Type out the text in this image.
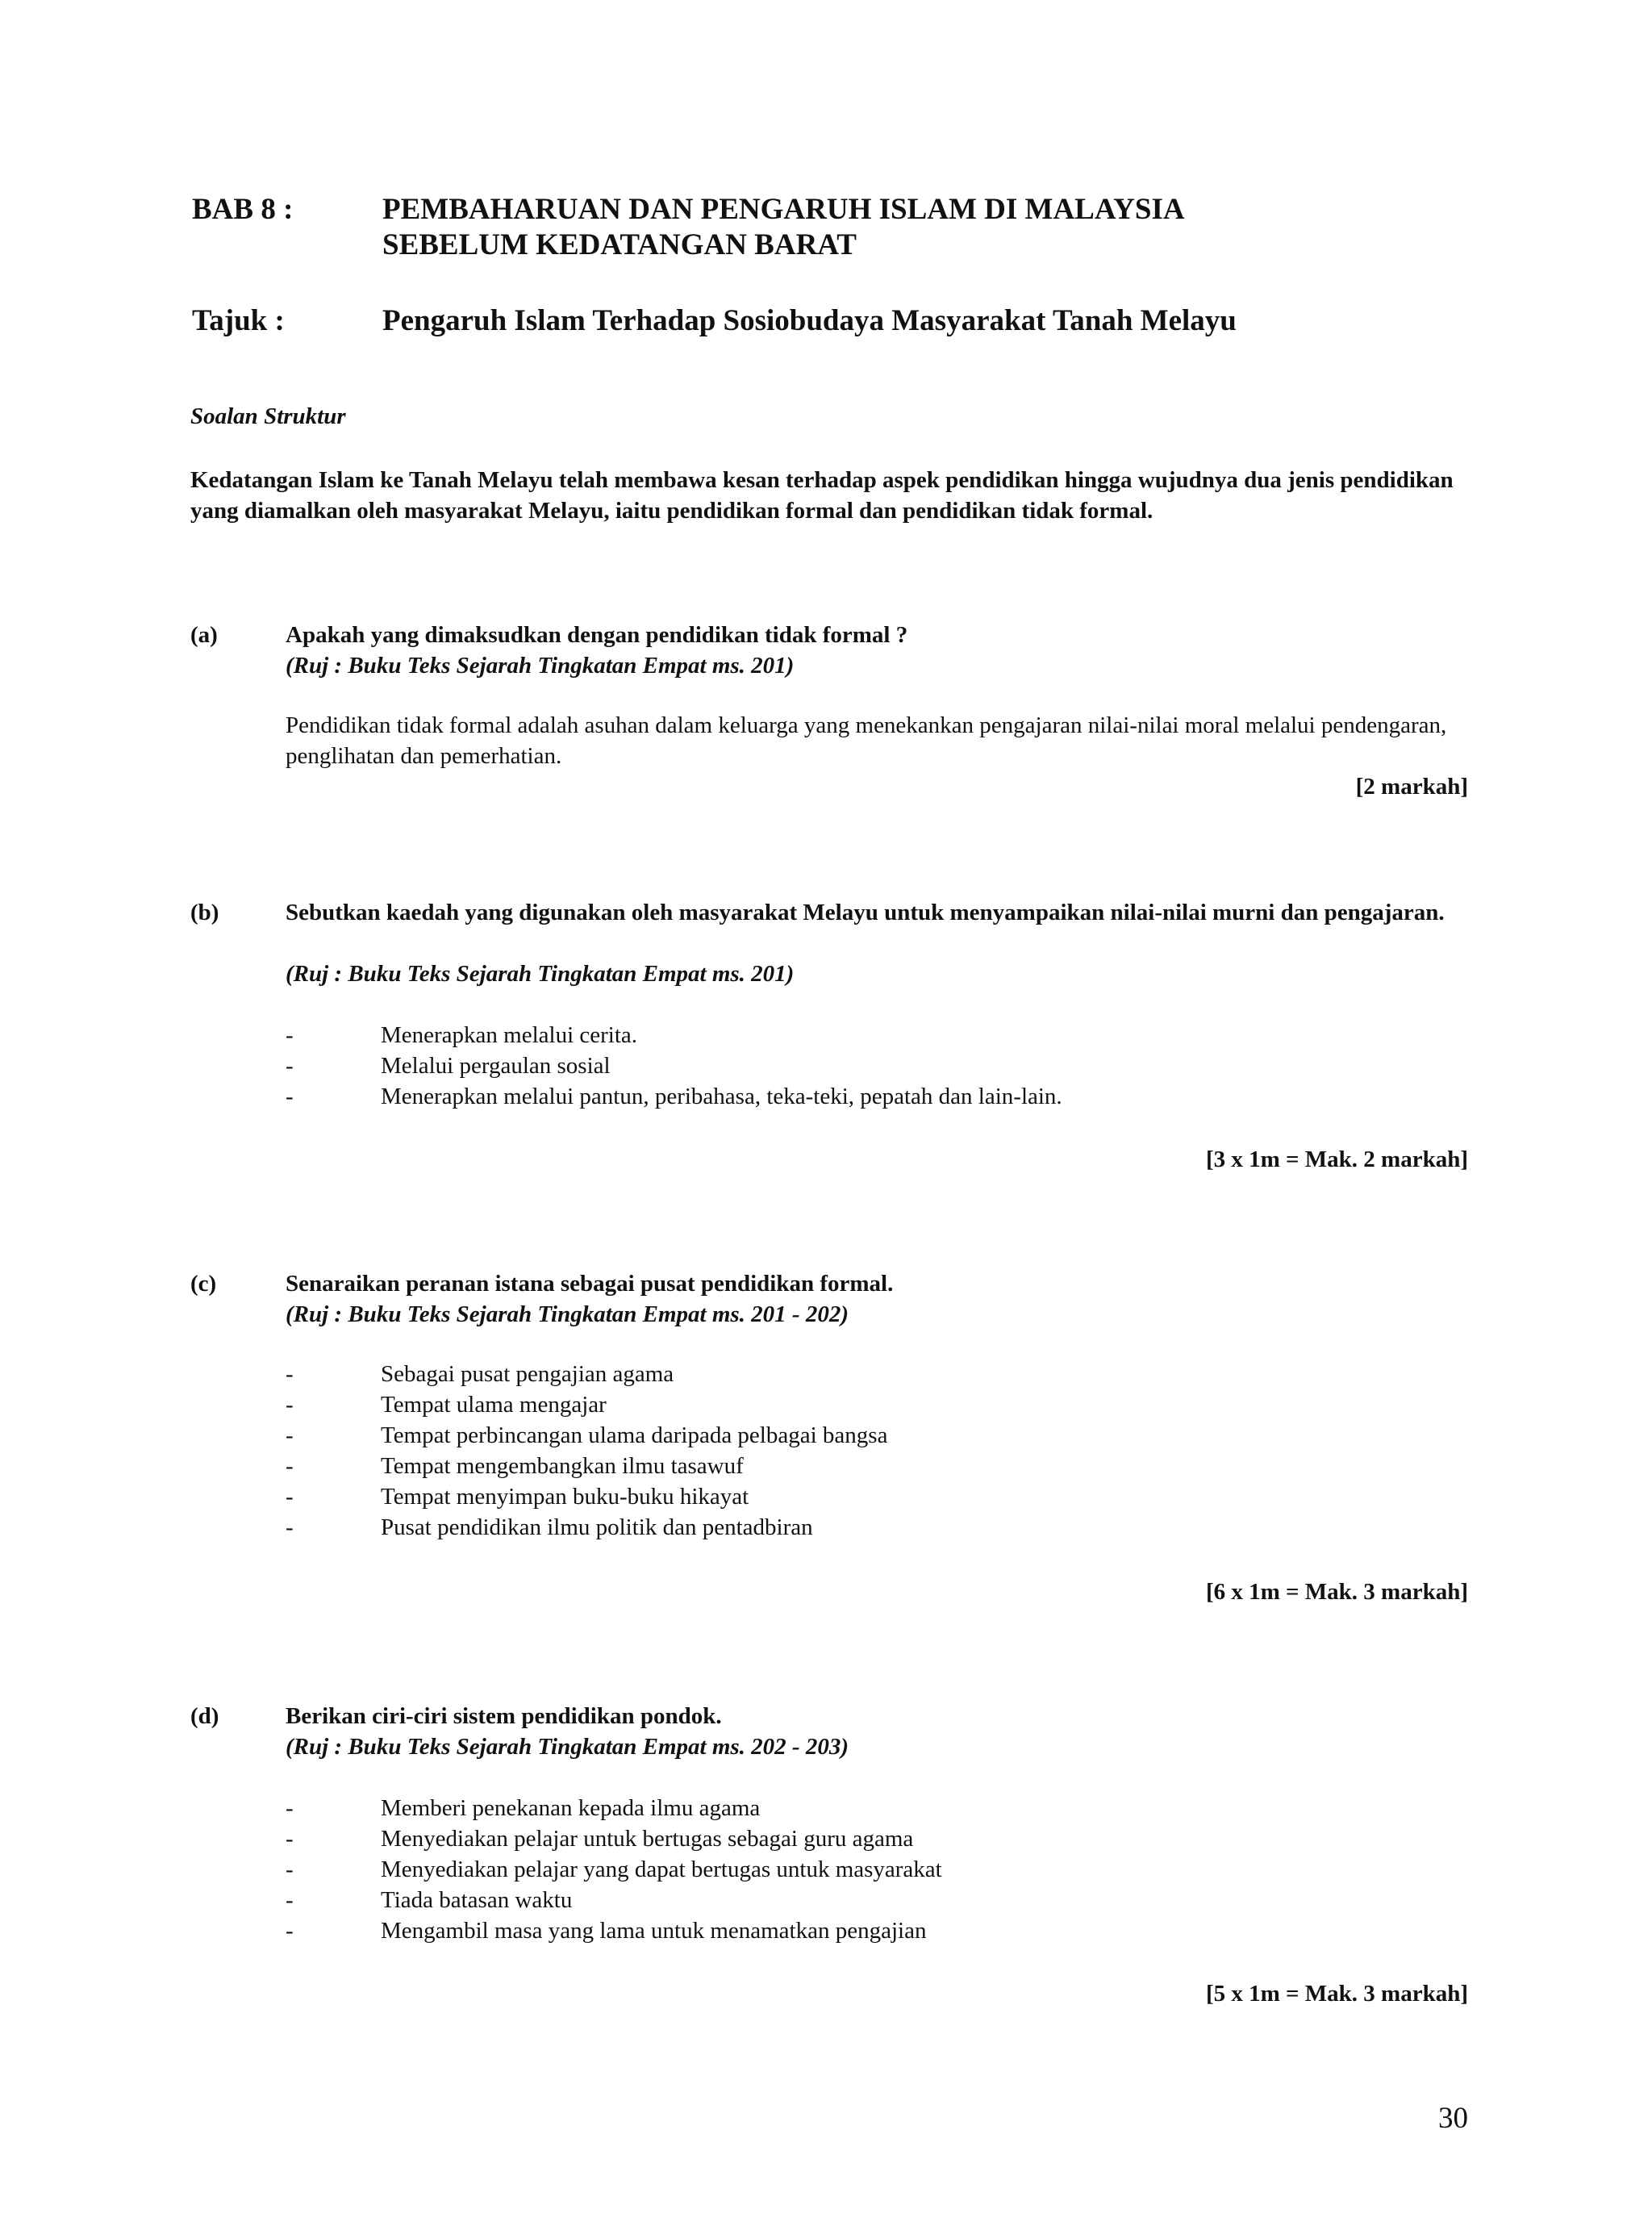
BAB 8 :	PEMBAHARUAN DAN PENGARUH ISLAM DI MALAYSIA
SEBELUM KEDATANGAN BARAT
Tajuk :	Pengaruh Islam Terhadap Sosiobudaya Masyarakat Tanah Melayu
Soalan Struktur
Kedatangan Islam ke Tanah Melayu telah membawa kesan terhadap aspek pendidikan hingga wujudnya dua jenis pendidikan yang diamalkan oleh masyarakat Melayu, iaitu pendidikan formal dan pendidikan tidak formal.
(a)	Apakah yang dimaksudkan dengan pendidikan tidak formal ?
(Ruj : Buku Teks Sejarah Tingkatan Empat ms. 201)
Pendidikan tidak formal adalah asuhan dalam keluarga yang menekankan pengajaran nilai-nilai moral melalui pendengaran, penglihatan dan pemerhatian.
[2 markah]
(b)	Sebutkan kaedah yang digunakan oleh masyarakat Melayu untuk menyampaikan nilai-nilai murni dan pengajaran.
(Ruj : Buku Teks Sejarah Tingkatan Empat ms. 201)
-	Menerapkan melalui cerita.
-	Melalui pergaulan sosial
-	Menerapkan melalui pantun, peribahasa, teka-teki, pepatah dan lain-lain.
[3 x 1m = Mak. 2 markah]
(c)	Senaraikan peranan istana sebagai pusat pendidikan formal.
(Ruj : Buku Teks Sejarah Tingkatan Empat ms. 201 - 202)
-	Sebagai pusat pengajian agama
-	Tempat ulama mengajar
-	Tempat perbincangan ulama daripada pelbagai bangsa
-	Tempat mengembangkan ilmu tasawuf
-	Tempat menyimpan buku-buku hikayat
-	Pusat pendidikan ilmu politik dan pentadbiran
[6 x 1m = Mak. 3 markah]
(d)	Berikan ciri-ciri sistem pendidikan pondok.
(Ruj : Buku Teks Sejarah Tingkatan Empat ms. 202 - 203)
-	Memberi penekanan kepada ilmu agama
-	Menyediakan pelajar untuk bertugas sebagai guru agama
-	Menyediakan pelajar yang dapat bertugas untuk masyarakat
-	Tiada batasan waktu
-	Mengambil masa yang lama untuk menamatkan pengajian
[5 x 1m = Mak. 3 markah]
30
